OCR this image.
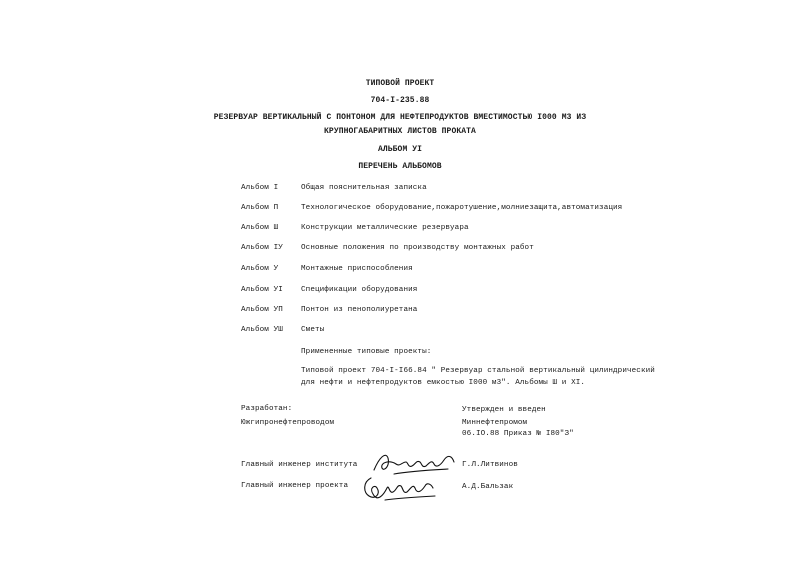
ТИПОВОЙ ПРОЕКТ
704-I-235.88
РЕЗЕРВУАР ВЕРТИКАЛЬНЫЙ С ПОНТОНОМ ДЛЯ НЕФТЕПРОДУКТОВ ВМЕСТИМОСТЬЮ I000 М3 ИЗ
КРУПНОГАБАРИТНЫХ ЛИСТОВ ПРОКАТА
АЛЬБОМ УI
ПЕРЕЧЕНЬ АЛЬБОМОВ
Альбом I	Общая пояснительная записка
Альбом П	Технологическое оборудование,пожаротушение,молниезащита,автоматизация
Альбом Ш	Конструкции металлические резервуара
Альбом IУ Основные положения по производству монтажных работ
Альбом У	Монтажные приспособления
Альбом УI Спецификации оборудования
Альбом УП Понтон из пенополиуретана
Альбом УШ Сметы
Примененные типовые проекты:
Типовой проект 704-I-I66.84 " Резервуар стальной вертикальный цилиндрический
для нефти и нефтепродуктов емкостью I000 м3". Альбомы Ш и XI.
Разработан:
Южгипронефтепроводом
Утвержден и введен
Миннефтепромом
06.IO.88 Приказ № I80"З"
Главный инженер института	Г.Л.Литвинов
Главный инженер проекта	А.Д.Бальзак
